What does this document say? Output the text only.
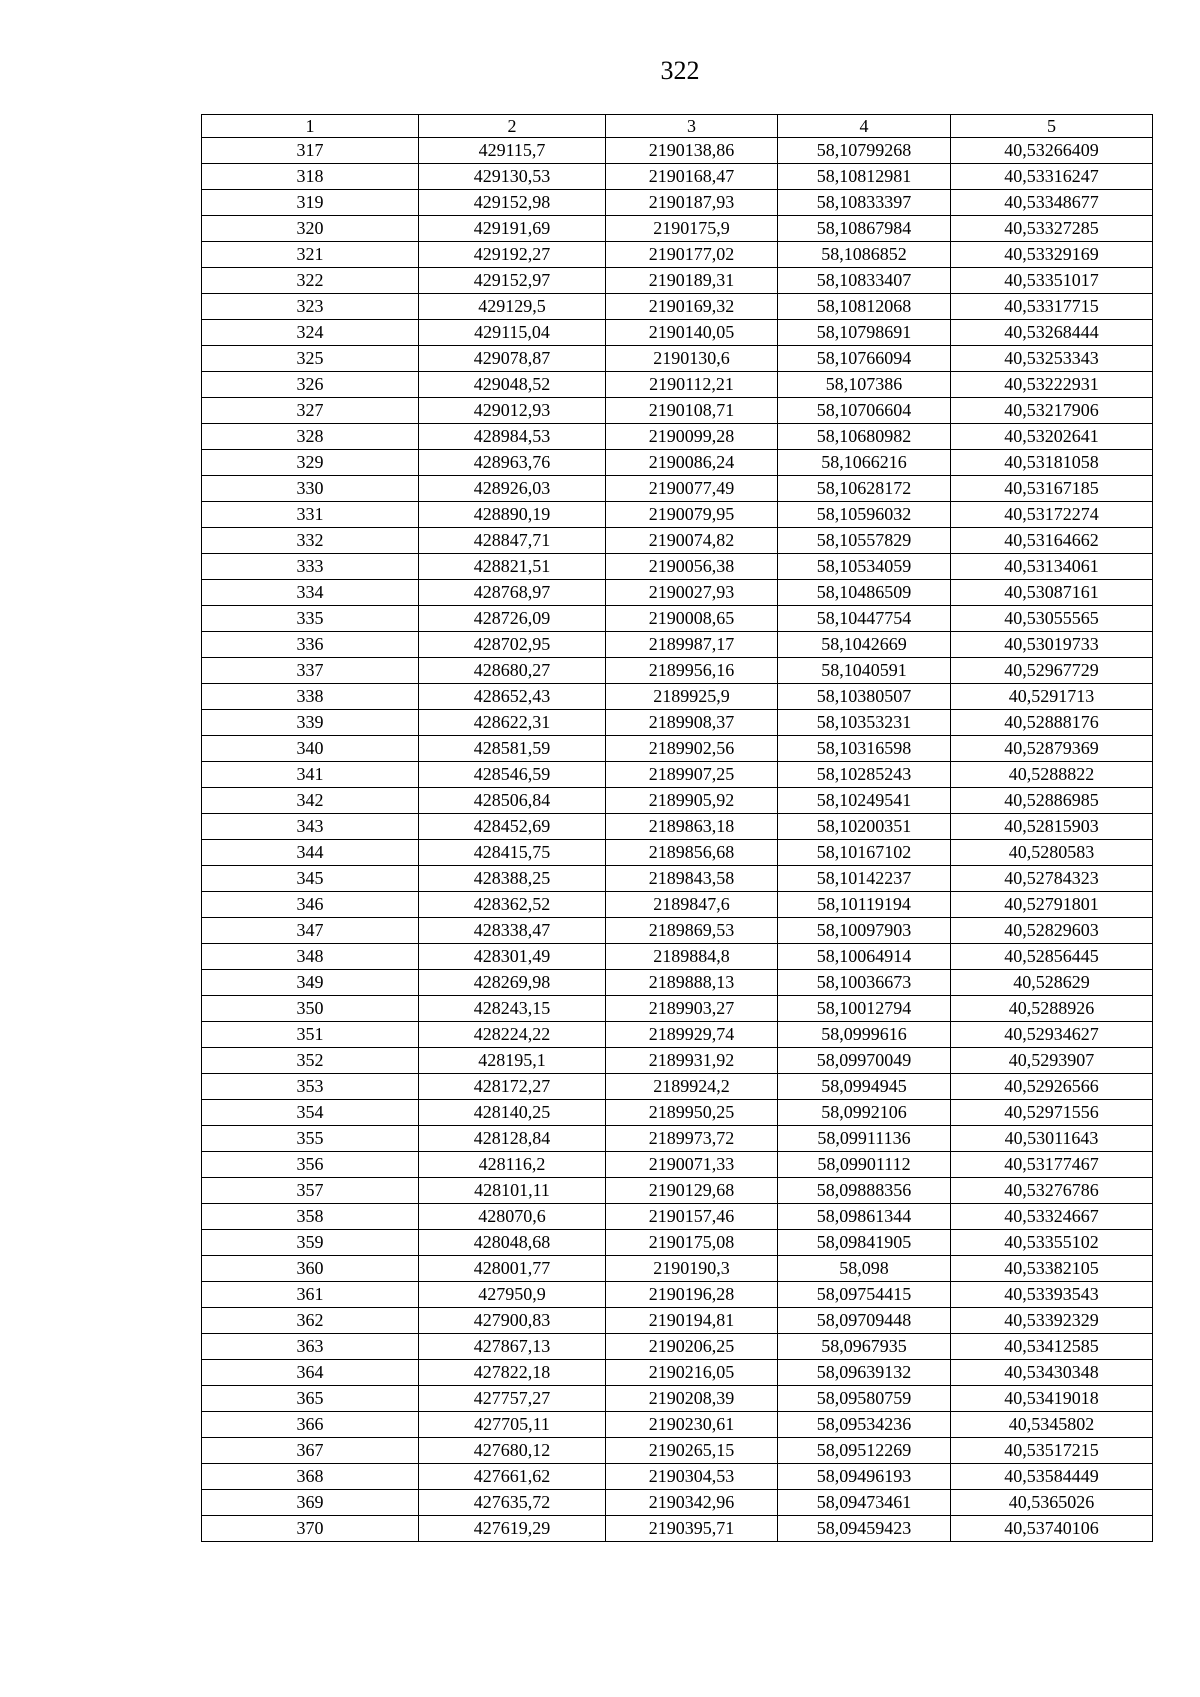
322
1	2	3	4	5
317	429115,7	2190138,86	58,10799268	40,53266409
318	429130,53	2190168,47	58,10812981	40,53316247
319	429152,98	2190187,93	58,10833397	40,53348677
320	429191,69	2190175,9	58,10867984	40,53327285
321	429192,27	2190177,02	58,1086852	40,53329169
322	429152,97	2190189,31	58,10833407	40,53351017
323	429129,5	2190169,32	58,10812068	40,53317715
324	429115,04	2190140,05	58,10798691	40,53268444
325	429078,87	2190130,6	58,10766094	40,53253343
326	429048,52	2190112,21	58,107386	40,53222931
327	429012,93	2190108,71	58,10706604	40,53217906
328	428984,53	2190099,28	58,10680982	40,53202641
329	428963,76	2190086,24	58,1066216	40,53181058
330	428926,03	2190077,49	58,10628172	40,53167185
331	428890,19	2190079,95	58,10596032	40,53172274
332	428847,71	2190074,82	58,10557829	40,53164662
333	428821,51	2190056,38	58,10534059	40,53134061
334	428768,97	2190027,93	58,10486509	40,53087161
335	428726,09	2190008,65	58,10447754	40,53055565
336	428702,95	2189987,17	58,1042669	40,53019733
337	428680,27	2189956,16	58,1040591	40,52967729
338	428652,43	2189925,9	58,10380507	40,5291713
339	428622,31	2189908,37	58,10353231	40,52888176
340	428581,59	2189902,56	58,10316598	40,52879369
341	428546,59	2189907,25	58,10285243	40,5288822
342	428506,84	2189905,92	58,10249541	40,52886985
343	428452,69	2189863,18	58,10200351	40,52815903
344	428415,75	2189856,68	58,10167102	40,5280583
345	428388,25	2189843,58	58,10142237	40,52784323
346	428362,52	2189847,6	58,10119194	40,52791801
347	428338,47	2189869,53	58,10097903	40,52829603
348	428301,49	2189884,8	58,10064914	40,52856445
349	428269,98	2189888,13	58,10036673	40,528629
350	428243,15	2189903,27	58,10012794	40,5288926
351	428224,22	2189929,74	58,0999616	40,52934627
352	428195,1	2189931,92	58,09970049	40,5293907
353	428172,27	2189924,2	58,0994945	40,52926566
354	428140,25	2189950,25	58,0992106	40,52971556
355	428128,84	2189973,72	58,09911136	40,53011643
356	428116,2	2190071,33	58,09901112	40,53177467
357	428101,11	2190129,68	58,09888356	40,53276786
358	428070,6	2190157,46	58,09861344	40,53324667
359	428048,68	2190175,08	58,09841905	40,53355102
360	428001,77	2190190,3	58,098	40,53382105
361	427950,9	2190196,28	58,09754415	40,53393543
362	427900,83	2190194,81	58,09709448	40,53392329
363	427867,13	2190206,25	58,0967935	40,53412585
364	427822,18	2190216,05	58,09639132	40,53430348
365	427757,27	2190208,39	58,09580759	40,53419018
366	427705,11	2190230,61	58,09534236	40,5345802
367	427680,12	2190265,15	58,09512269	40,53517215
368	427661,62	2190304,53	58,09496193	40,53584449
369	427635,72	2190342,96	58,09473461	40,5365026
370	427619,29	2190395,71	58,09459423	40,53740106
